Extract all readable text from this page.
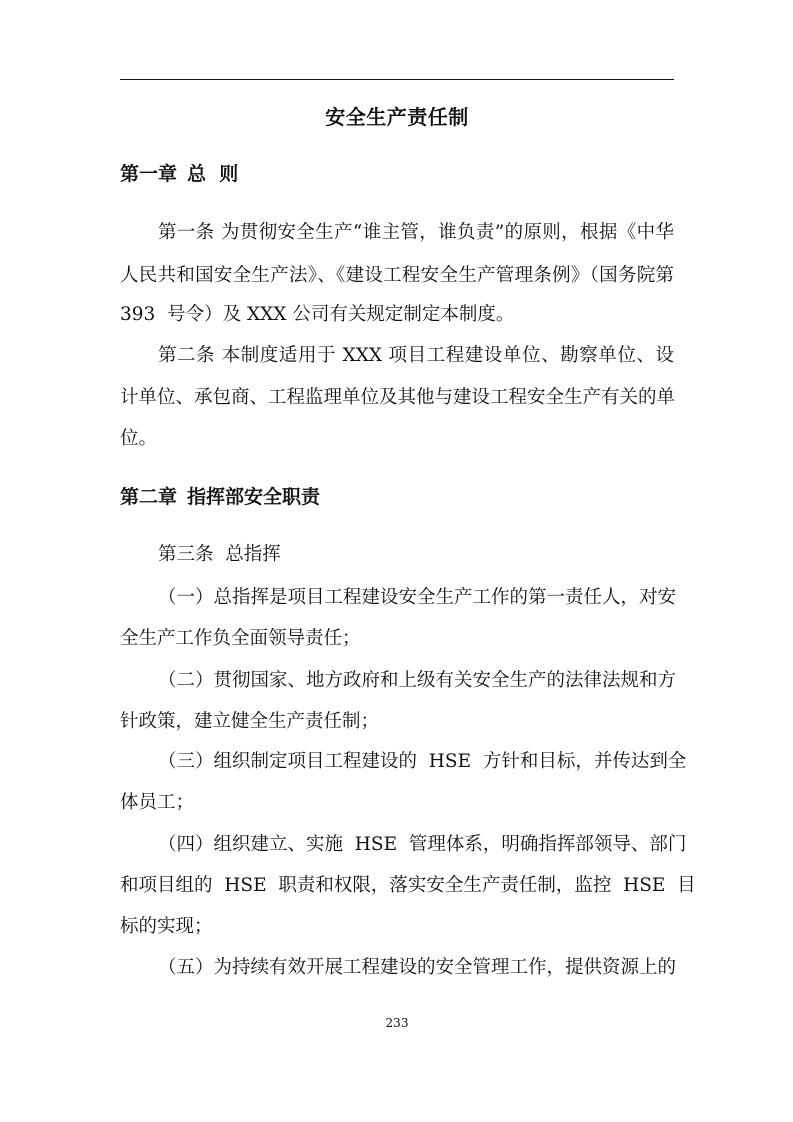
安全生产责任制
第一章 总  则
第一条 为贯彻安全生产“谁主管，谁负责”的原则，根据《中华
人民共和国安全生产法》、《建设工程安全生产管理条例》（国务院第
393  号令）及 XXX 公司有关规定制定本制度。
第二条 本制度适用于 XXX 项目工程建设单位、勘察单位、设
计单位、承包商、工程监理单位及其他与建设工程安全生产有关的单
位。
第二章 指挥部安全职责
第三条  总指挥
（一）总指挥是项目工程建设安全生产工作的第一责任人，对安
全生产工作负全面领导责任；
（二）贯彻国家、地方政府和上级有关安全生产的法律法规和方
针政策，建立健全生产责任制；
（三）组织制定项目工程建设的  HSE  方针和目标，并传达到全
体员工；
（四）组织建立、实施  HSE  管理体系，明确指挥部领导、部门
和项目组的  HSE  职责和权限，落实安全生产责任制，监控  HSE  目
标的实现；
（五）为持续有效开展工程建设的安全管理工作，提供资源上的
233
